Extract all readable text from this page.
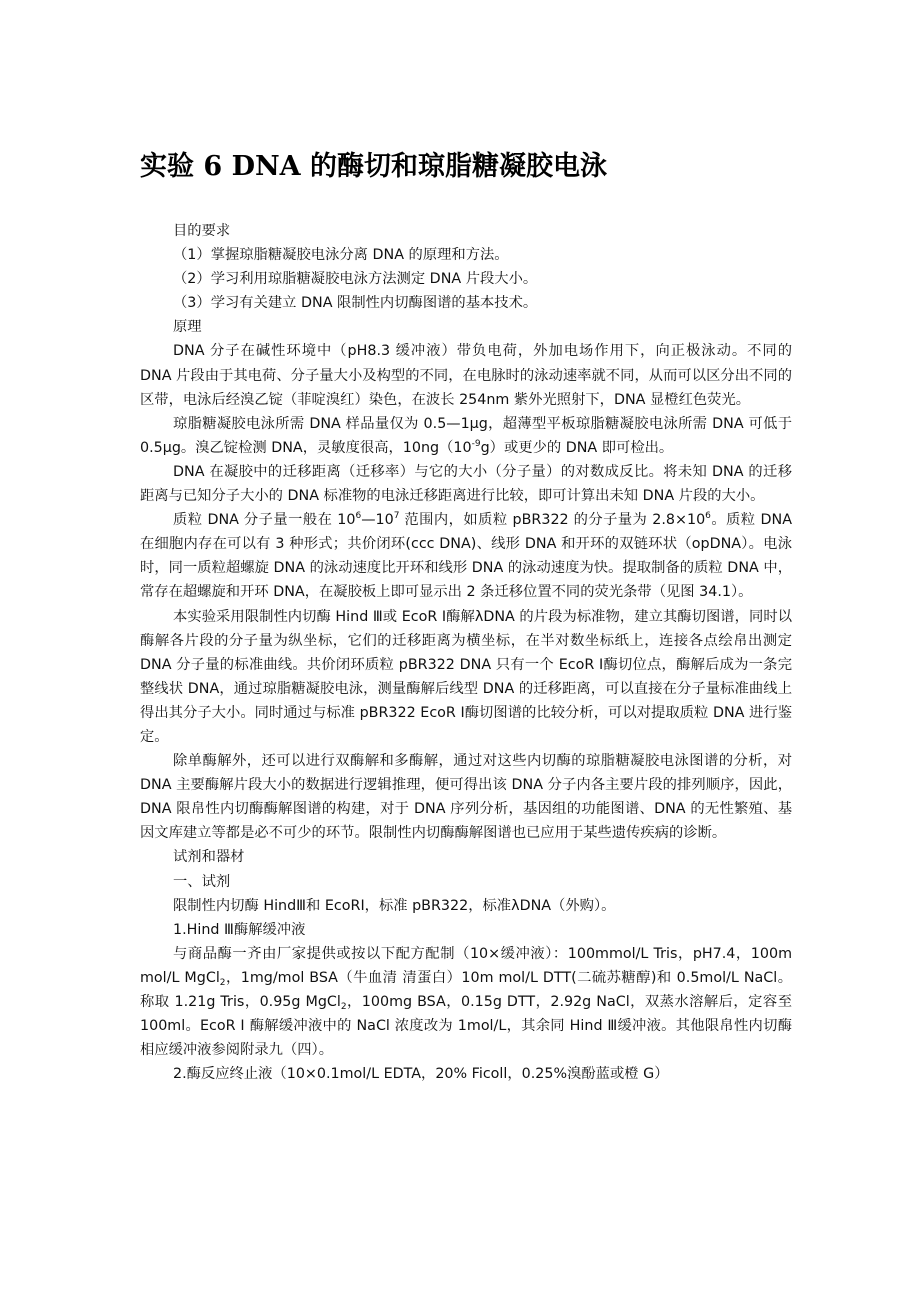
实验 6 DNA 的酶切和琼脂糖凝胶电泳

目的要求

（1）掌握琼脂糖凝胶电泳分离 DNA 的原理和方法。

（2）学习利用琼脂糖凝胶电泳方法测定 DNA 片段大小。

（3）学习有关建立 DNA 限制性内切酶图谱的基本技术。

原理

DNA 分子在碱性环境中（pH8.3 缓冲液）带负电荷，外加电场作用下，向正极泳动。不同的 DNA 片段由于其电荷、分子量大小及构型的不同，在电脉时的泳动速率就不同，从而可以区分出不同的区带，电泳后经溴乙锭（菲啶溴红）染色，在波长 254nm 紫外光照射下，DNA 显橙红色荧光。

琼脂糖凝胶电泳所需 DNA 样品量仅为 0.5—1μg，超薄型平板琼脂糖凝胶电泳所需 DNA 可低于 0.5μg。溴乙锭检测 DNA，灵敏度很高，$10ng(10^{-9}g)$或更少的 DNA 即可检出。

DNA 在凝胶中的迁移距离（迁移率）与它的大小（分子量）的对数成反比。将未知 DNA 的迁移距离与已知分子大小的 DNA 标准物的电泳迁移距离进行比较，即可计算出未知 DNA 片段的大小。

质粒 DNA 分子量一般在 $10^6—10^7$ 范围内，如质粒 pBR322 的分子量为 $2.8\times 10^6$。质粒 DNA 在细胞内存在可以有 3 种形式；共价闭环(ccc DNA)、线形 DNA 和开环的双链环状（opDNA）。电泳时，同一质粒超螺旋 DNA 的泳动速度比开环和线形 DNA 的泳动速度为快。提取制备的质粒 DNA 中，常存在超螺旋和开环 DNA，在凝胶板上即可显示出 2 条迁移位置不同的荧光条带（见图 34.1）。

本实验采用限制性内切酶 Hind Ⅲ或 EcoR Ⅰ酶解λDNA 的片段为标准物，建立其酶切图谱，同时以酶解各片段的分子量为纵坐标，它们的迁移距离为横坐标，在半对数坐标纸上，连接各点绘帛出测定 DNA 分子量的标准曲线。共价闭环质粒 pBR322 DNA 只有一个 EcoR Ⅰ酶切位点，酶解后成为一条完整线状 DNA，通过琼脂糖凝胶电泳，测量酶解后线型 DNA 的迁移距离，可以直接在分子量标准曲线上得出其分子大小。同时通过与标准 pBR322 EcoR Ⅰ酶切图谱的比较分析，可以对提取质粒 DNA 进行鉴定。

除单酶解外，还可以进行双酶解和多酶解，通过对这些内切酶的琼脂糖凝胶电泳图谱的分析，对 DNA 主要酶解片段大小的数据进行逻辑推理，便可得出该 DNA 分子内各主要片段的排列顺序，因此，DNA 限帛性内切酶酶解图谱的构建，对于 DNA 序列分析，基因组的功能图谱、DNA 的无性繁殖、基因文库建立等都是必不可少的环节。限制性内切酶酶解图谱也已应用于某些遗传疾病的诊断。

试剂和器材

一、试剂

限制性内切酶 HindⅢ和 EcoRⅠ，标准 pBR322，标准λDNA（外购）。

1.Hind Ⅲ酶解缓冲液

与商品酶一齐由厂家提供或按以下配方配制（10×缓冲液）：100mmol/L Tris，pH7.4，100m mol/L MgCl$_2$，1mg/mol BSA（牛血清 清蛋白）10m mol/L DTT(二硫苏糖醇)和 0.5mol/L NaCl。称取 1.21g Tris，0.95g MgCl$_2$，100mg BSA，0.15g DTT，2.92g NaCl，双蒸水溶解后，定容至 100ml。EcoR Ⅰ 酶解缓冲液中的 NaCl 浓度改为 1mol/L，其余同 Hind Ⅲ缓冲液。其他限帛性内切酶相应缓冲液参阅附录九（四）。

2.酶反应终止液（10×0.1mol/L EDTA，20% Ficoll，0.25%溴酚蓝或橙 G）
